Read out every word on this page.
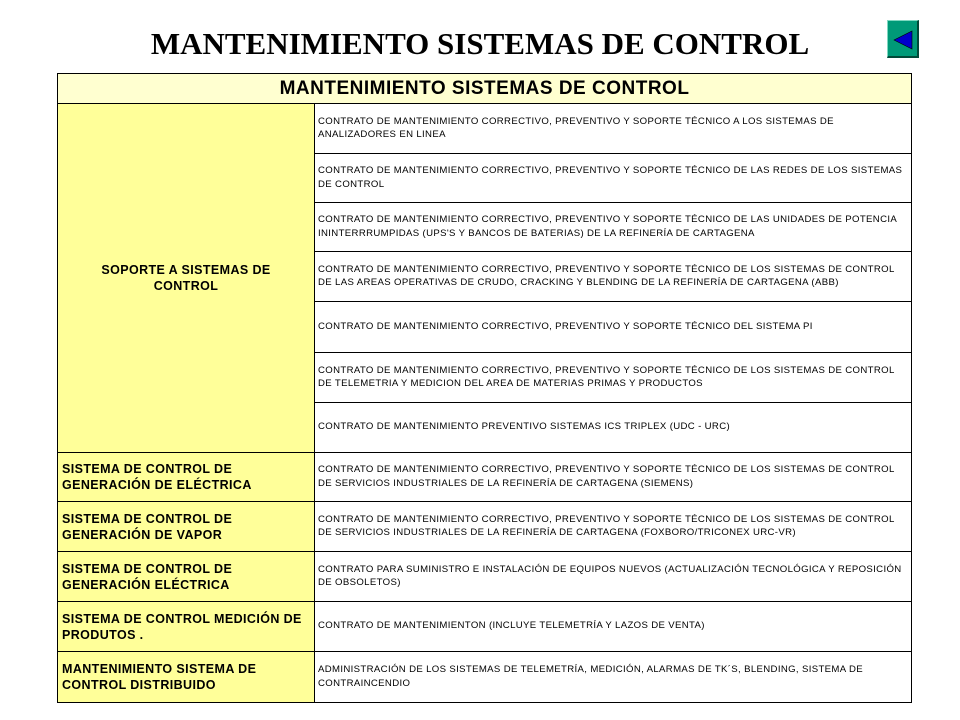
MANTENIMIENTO SISTEMAS DE CONTROL
MANTENIMIENTO SISTEMAS DE CONTROL	
SOPORTE A SISTEMAS DE CONTROL	CONTRATO DE MANTENIMIENTO CORRECTIVO, PREVENTIVO Y SOPORTE TÉCNICO A LOS SISTEMAS DE ANALIZADORES EN LINEA
	CONTRATO DE MANTENIMIENTO CORRECTIVO, PREVENTIVO Y SOPORTE TÉCNICO DE LAS REDES DE LOS SISTEMAS DE CONTROL
	CONTRATO DE MANTENIMIENTO CORRECTIVO, PREVENTIVO Y SOPORTE TÉCNICO DE LAS UNIDADES DE POTENCIA ININTERRRUMPIDAS (UPS'S Y BANCOS DE BATERIAS) DE LA REFINERÍA DE CARTAGENA
	CONTRATO DE MANTENIMIENTO CORRECTIVO, PREVENTIVO Y SOPORTE TÉCNICO DE LOS SISTEMAS DE CONTROL DE LAS AREAS OPERATIVAS DE CRUDO, CRACKING Y BLENDING DE LA REFINERÍA DE CARTAGENA (ABB)
	CONTRATO DE MANTENIMIENTO CORRECTIVO, PREVENTIVO Y SOPORTE TÉCNICO DEL SISTEMA PI
	CONTRATO DE MANTENIMIENTO CORRECTIVO, PREVENTIVO Y SOPORTE TÉCNICO DE LOS SISTEMAS DE CONTROL DE TELEMETRIA Y MEDICION DEL AREA DE MATERIAS PRIMAS Y PRODUCTOS
	CONTRATO DE MANTENIMIENTO PREVENTIVO SISTEMAS ICS TRIPLEX (UDC - URC)
SISTEMA DE CONTROL DE GENERACIÓN DE ELÉCTRICA	CONTRATO DE MANTENIMIENTO CORRECTIVO, PREVENTIVO Y SOPORTE TÉCNICO DE LOS SISTEMAS DE CONTROL DE SERVICIOS INDUSTRIALES DE LA REFINERÍA DE CARTAGENA (SIEMENS)
SISTEMA DE CONTROL DE GENERACIÓN DE VAPOR	CONTRATO DE MANTENIMIENTO CORRECTIVO, PREVENTIVO Y SOPORTE TÉCNICO DE LOS SISTEMAS DE CONTROL DE SERVICIOS INDUSTRIALES DE LA REFINERÍA DE CARTAGENA (FOXBORO/TRICONEX URC-VR)
SISTEMA DE CONTROL DE GENERACIÓN ELÉCTRICA	CONTRATO PARA SUMINISTRO E INSTALACIÓN DE EQUIPOS NUEVOS (ACTUALIZACIÓN TECNOLÓGICA Y REPOSICIÓN DE OBSOLETOS)
SISTEMA DE CONTROL MEDICIÓN DE PRODUTOS .	CONTRATO DE MANTENIMIENTON (INCLUYE TELEMETRÍA Y LAZOS DE VENTA)
MANTENIMIENTO SISTEMA DE CONTROL DISTRIBUIDO	ADMINISTRACIÓN DE LOS SISTEMAS DE TELEMETRÍA, MEDICIÓN, ALARMAS DE TK´S, BLENDING, SISTEMA DE CONTRAINCENDIO
